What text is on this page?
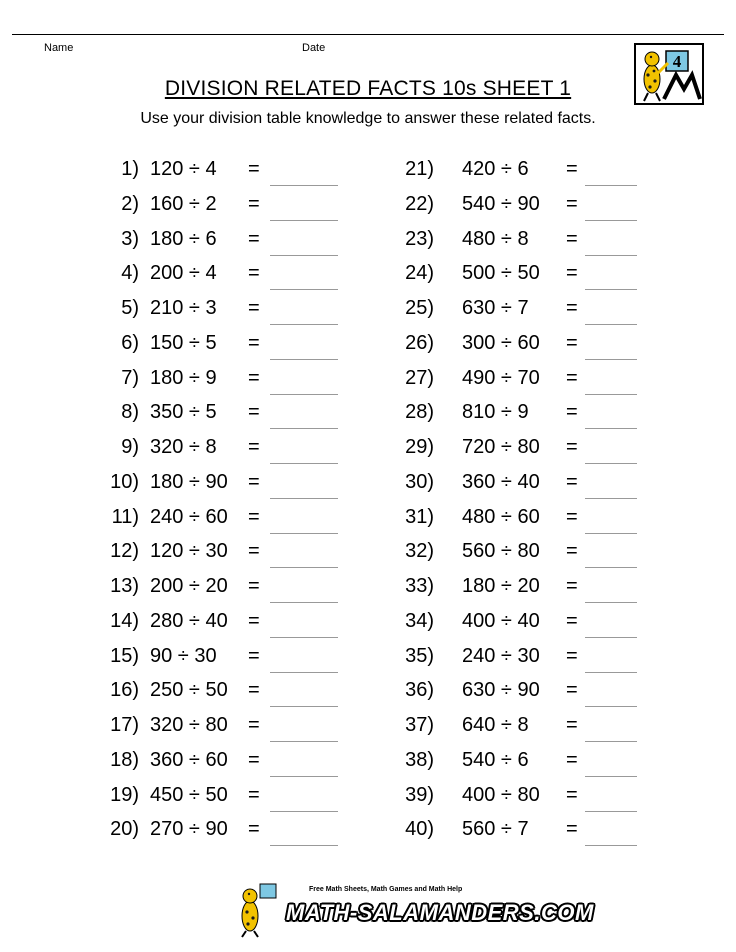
Name	Date
4
DIVISION RELATED FACTS 10s SHEET 1
Use your division table knowledge to answer these related facts.
1) 120 ÷ 4 =
2) 160 ÷ 2 =
3) 180 ÷ 6 =
4) 200 ÷ 4 =
5) 210 ÷ 3 =
6) 150 ÷ 5 =
7) 180 ÷ 9 =
8) 350 ÷ 5 =
9) 320 ÷ 8 =
10) 180 ÷ 90 =
11) 240 ÷ 60 =
12) 120 ÷ 30 =
13) 200 ÷ 20 =
14) 280 ÷ 40 =
15) 90 ÷ 30 =
16) 250 ÷ 50 =
17) 320 ÷ 80 =
18) 360 ÷ 60 =
19) 450 ÷ 50 =
20) 270 ÷ 90 =
21) 420 ÷ 6 =
22) 540 ÷ 90 =
23) 480 ÷ 8 =
24) 500 ÷ 50 =
25) 630 ÷ 7 =
26) 300 ÷ 60 =
27) 490 ÷ 70 =
28) 810 ÷ 9 =
29) 720 ÷ 80 =
30) 360 ÷ 40 =
31) 480 ÷ 60 =
32) 560 ÷ 80 =
33) 180 ÷ 20 =
34) 400 ÷ 40 =
35) 240 ÷ 30 =
36) 630 ÷ 90 =
37) 640 ÷ 8 =
38) 540 ÷ 6 =
39) 400 ÷ 80 =
40) 560 ÷ 7 =
Free Math Sheets, Math Games and Math Help
MATH-SALAMANDERS.COM
